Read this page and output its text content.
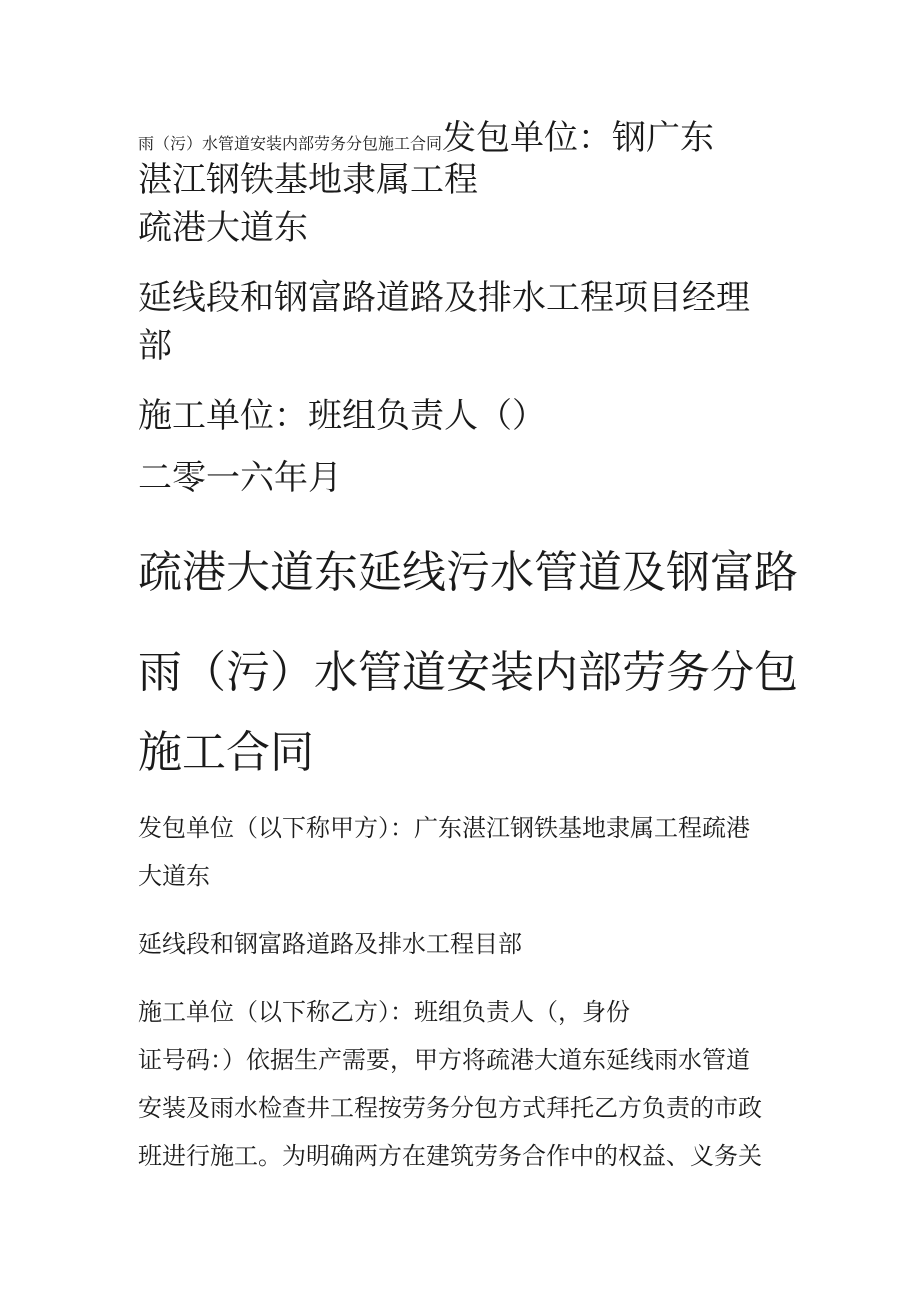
雨（污）水管道安装内部劳务分包施工合同发包单位：钢广东
湛江钢铁基地隶属工程
疏港大道东
延线段和钢富路道路及排水工程项目经理
部
施工单位：班组负责人（）
二零一六年月
疏港大道东延线污水管道及钢富路
雨（污）水管道安装内部劳务分包
施工合同

发包单位（以下称甲方）：广东湛江钢铁基地隶属工程疏港

大道东

延线段和钢富路道路及排水工程目部

施工单位（以下称乙方）：班组负责人（，身份

证号码：）依据生产需要，甲方将疏港大道东延线雨水管道

安装及雨水检查井工程按劳务分包方式拜托乙方负责的市政

班进行施工。为明确两方在建筑劳务合作中的权益、义务关
